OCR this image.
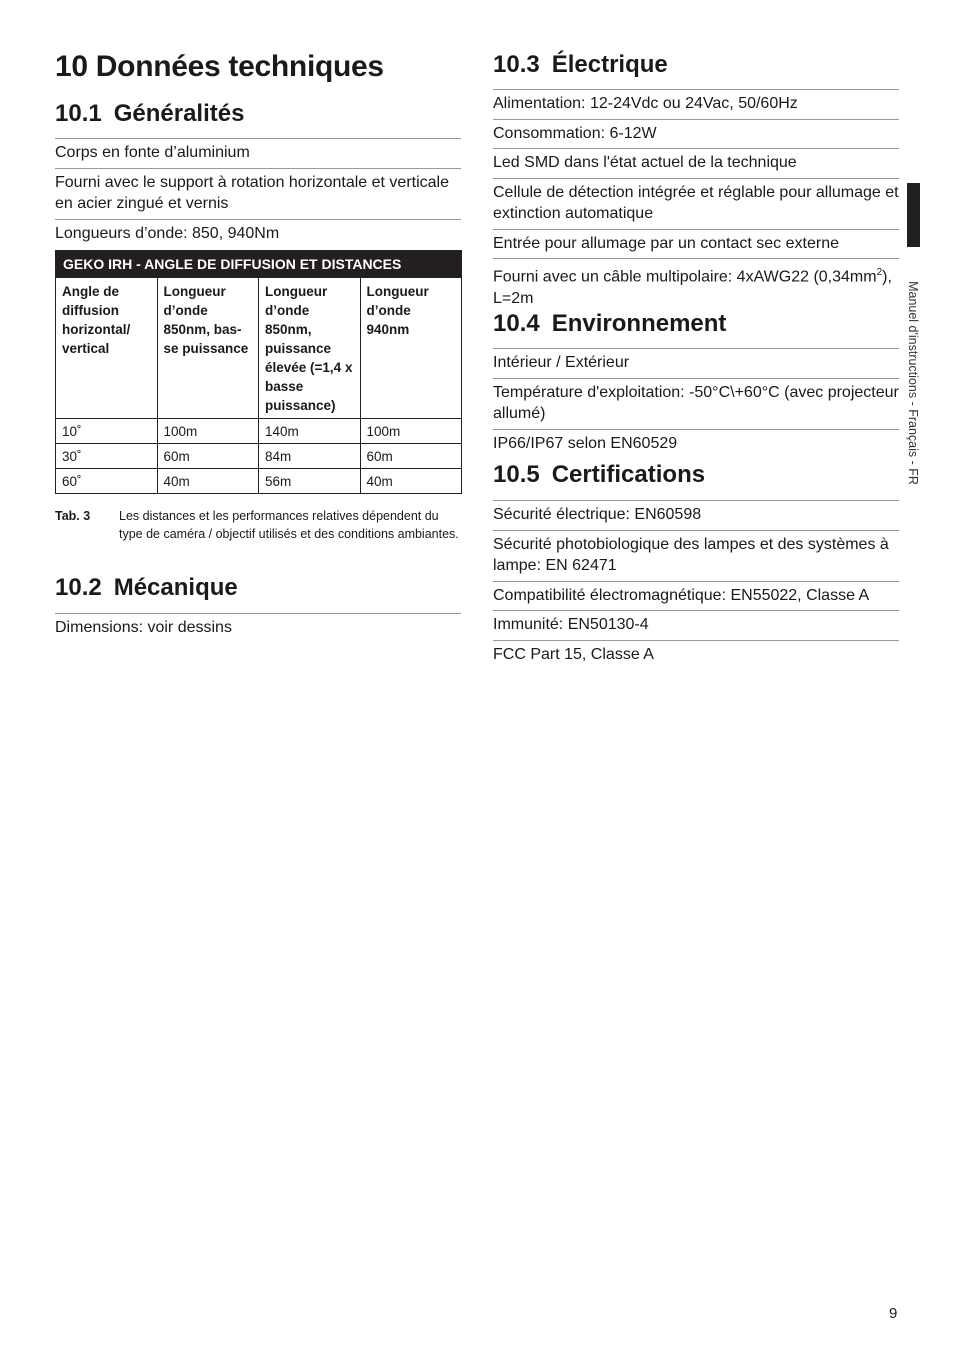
10 Données techniques
10.1 Généralités
Corps en fonte d’aluminium
Fourni avec le support à rotation horizontale et verticale en acier zingué et vernis
Longueurs d’onde: 850, 940Nm
GEKO IRH - ANGLE DE DIFFUSION ET DISTANCES			
Angle de diffusion horizontal/ vertical	Longueur d’onde 850nm, bas-se puissance	Longueur d’onde 850nm, puissance élevée (=1,4 x basse puissance)	Longueur d’onde 940nm
10˚	100m	140m	100m
30˚	60m	84m	60m
60˚	40m	56m	40m
Tab. 3 Les distances et les performances relatives dépendent du type de caméra / objectif utilisés et des conditions ambiantes.
10.2 Mécanique
Dimensions: voir dessins
10.3 Électrique
Alimentation: 12-24Vdc ou 24Vac, 50/60Hz
Consommation: 6-12W
Led SMD dans l'état actuel de la technique
Cellule de détection intégrée et réglable pour allumage et extinction automatique
Entrée pour allumage par un contact sec externe
Fourni avec un câble multipolaire: 4xAWG22 $(0,34mm^2)$, L=2m
10.4 Environnement
Intérieur / Extérieur
Température d'exploitation: -50°C\+60°C (avec projecteur allumé)
IP66/IP67 selon EN60529
10.5 Certifications
Sécurité électrique: EN60598
Sécurité photobiologique des lampes et des systèmes à lampe: EN 62471
Compatibilité électromagnétique: EN55022, Classe A
Immunité: EN50130-4
FCC Part 15, Classe A
Manuel d'instructions - Français - FR
9
